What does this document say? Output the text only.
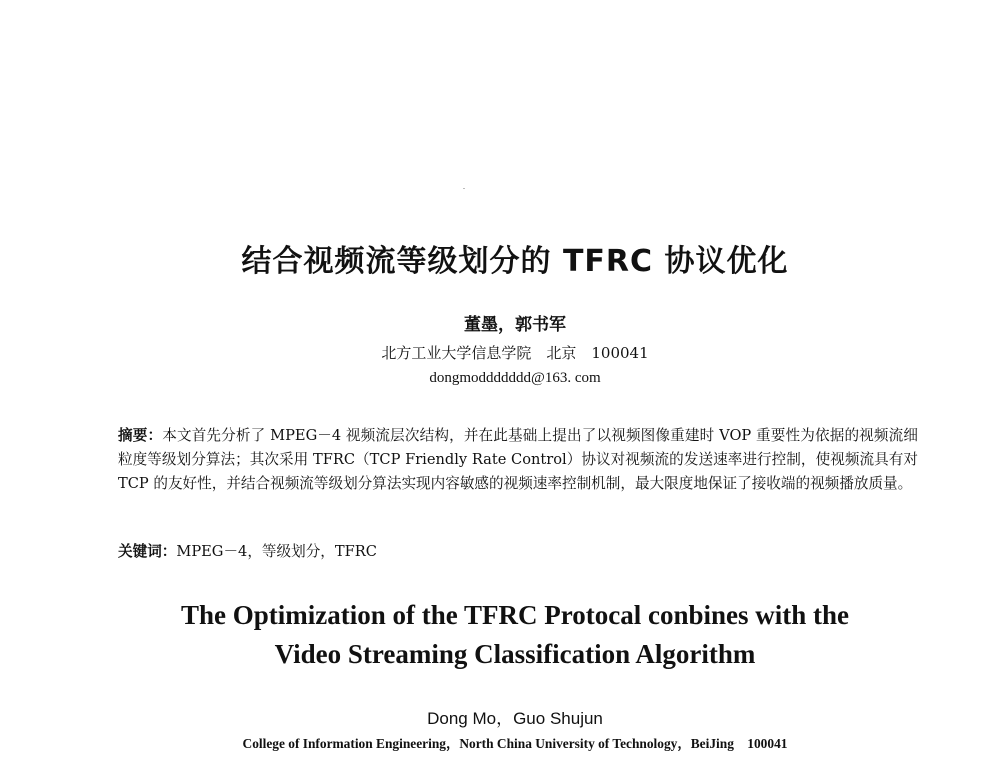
结合视频流等级划分的 TFRC 协议优化

董墨，郭书军

北方工业大学信息学院　北京　100041

dongmoddddddd@163. com

摘要：本文首先分析了 MPEG－4 视频流层次结构，并在此基础上提出了以视频图像重建时 VOP 重要性为依据的视频流细粒度等级划分算法；其次采用 TFRC（TCP Friendly Rate Control）协议对视频流的发送速率进行控制，使视频流具有对 TCP 的友好性，并结合视频流等级划分算法实现内容敏感的视频速率控制机制，最大限度地保证了接收端的视频播放质量。

关键词：MPEG－4，等级划分，TFRC

The Optimization of the TFRC Protocal conbines with the
Video Streaming Classification Algorithm

Dong Mo，Guo Shujun

College of Information Engineering，North China University of Technology，BeiJing　100041
